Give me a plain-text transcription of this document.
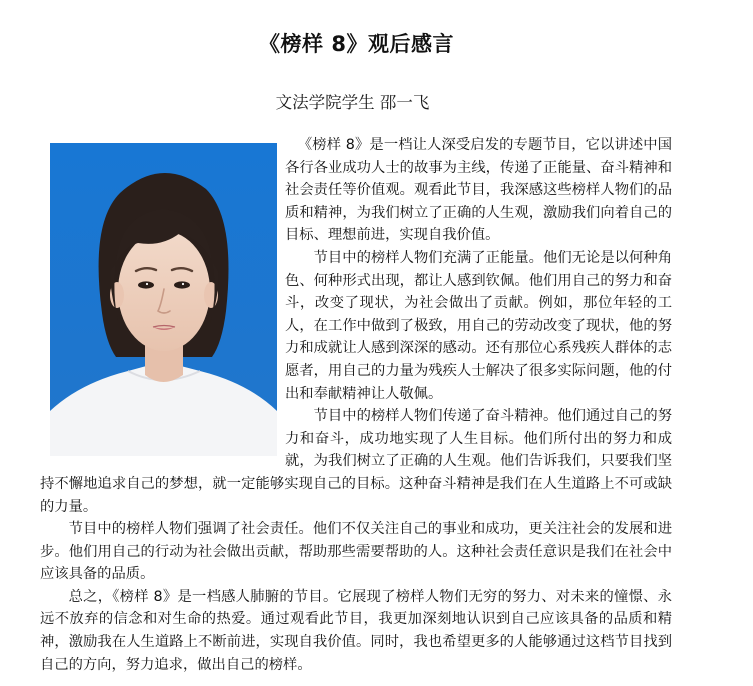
《榜样 8》观后感言
文法学院学生 邵一飞

《榜样 8》是一档让人深受启发的专题节目，它以讲述中国各行各业成功人士的故事为主线，传递了正能量、奋斗精神和社会责任等价值观。观看此节目，我深感这些榜样人物们的品质和精神，为我们树立了正确的人生观，激励我们向着自己的目标、理想前进，实现自我价值。

节目中的榜样人物们充满了正能量。他们无论是以何种角色、何种形式出现，都让人感到钦佩。他们用自己的努力和奋斗，改变了现状，为社会做出了贡献。例如，那位年轻的工人，在工作中做到了极致，用自己的劳动改变了现状，他的努力和成就让人感到深深的感动。还有那位心系残疾人群体的志愿者，用自己的力量为残疾人士解决了很多实际问题，他的付出和奉献精神让人敬佩。

节目中的榜样人物们传递了奋斗精神。他们通过自己的努力和奋斗，成功地实现了人生目标。他们所付出的努力和成就，为我们树立了正确的人生观。他们告诉我们，只要我们坚持不懈地追求自己的梦想，就一定能够实现自己的目标。这种奋斗精神是我们在人生道路上不可或缺的力量。

节目中的榜样人物们强调了社会责任。他们不仅关注自己的事业和成功，更关注社会的发展和进步。他们用自己的行动为社会做出贡献，帮助那些需要帮助的人。这种社会责任意识是我们在社会中应该具备的品质。

总之，《榜样 8》是一档感人肺腑的节目。它展现了榜样人物们无穷的努力、对未来的憧憬、永远不放弃的信念和对生命的热爱。通过观看此节目，我更加深刻地认识到自己应该具备的品质和精神，激励我在人生道路上不断前进，实现自我价值。同时，我也希望更多的人能够通过这档节目找到自己的方向，努力追求，做出自己的榜样。
